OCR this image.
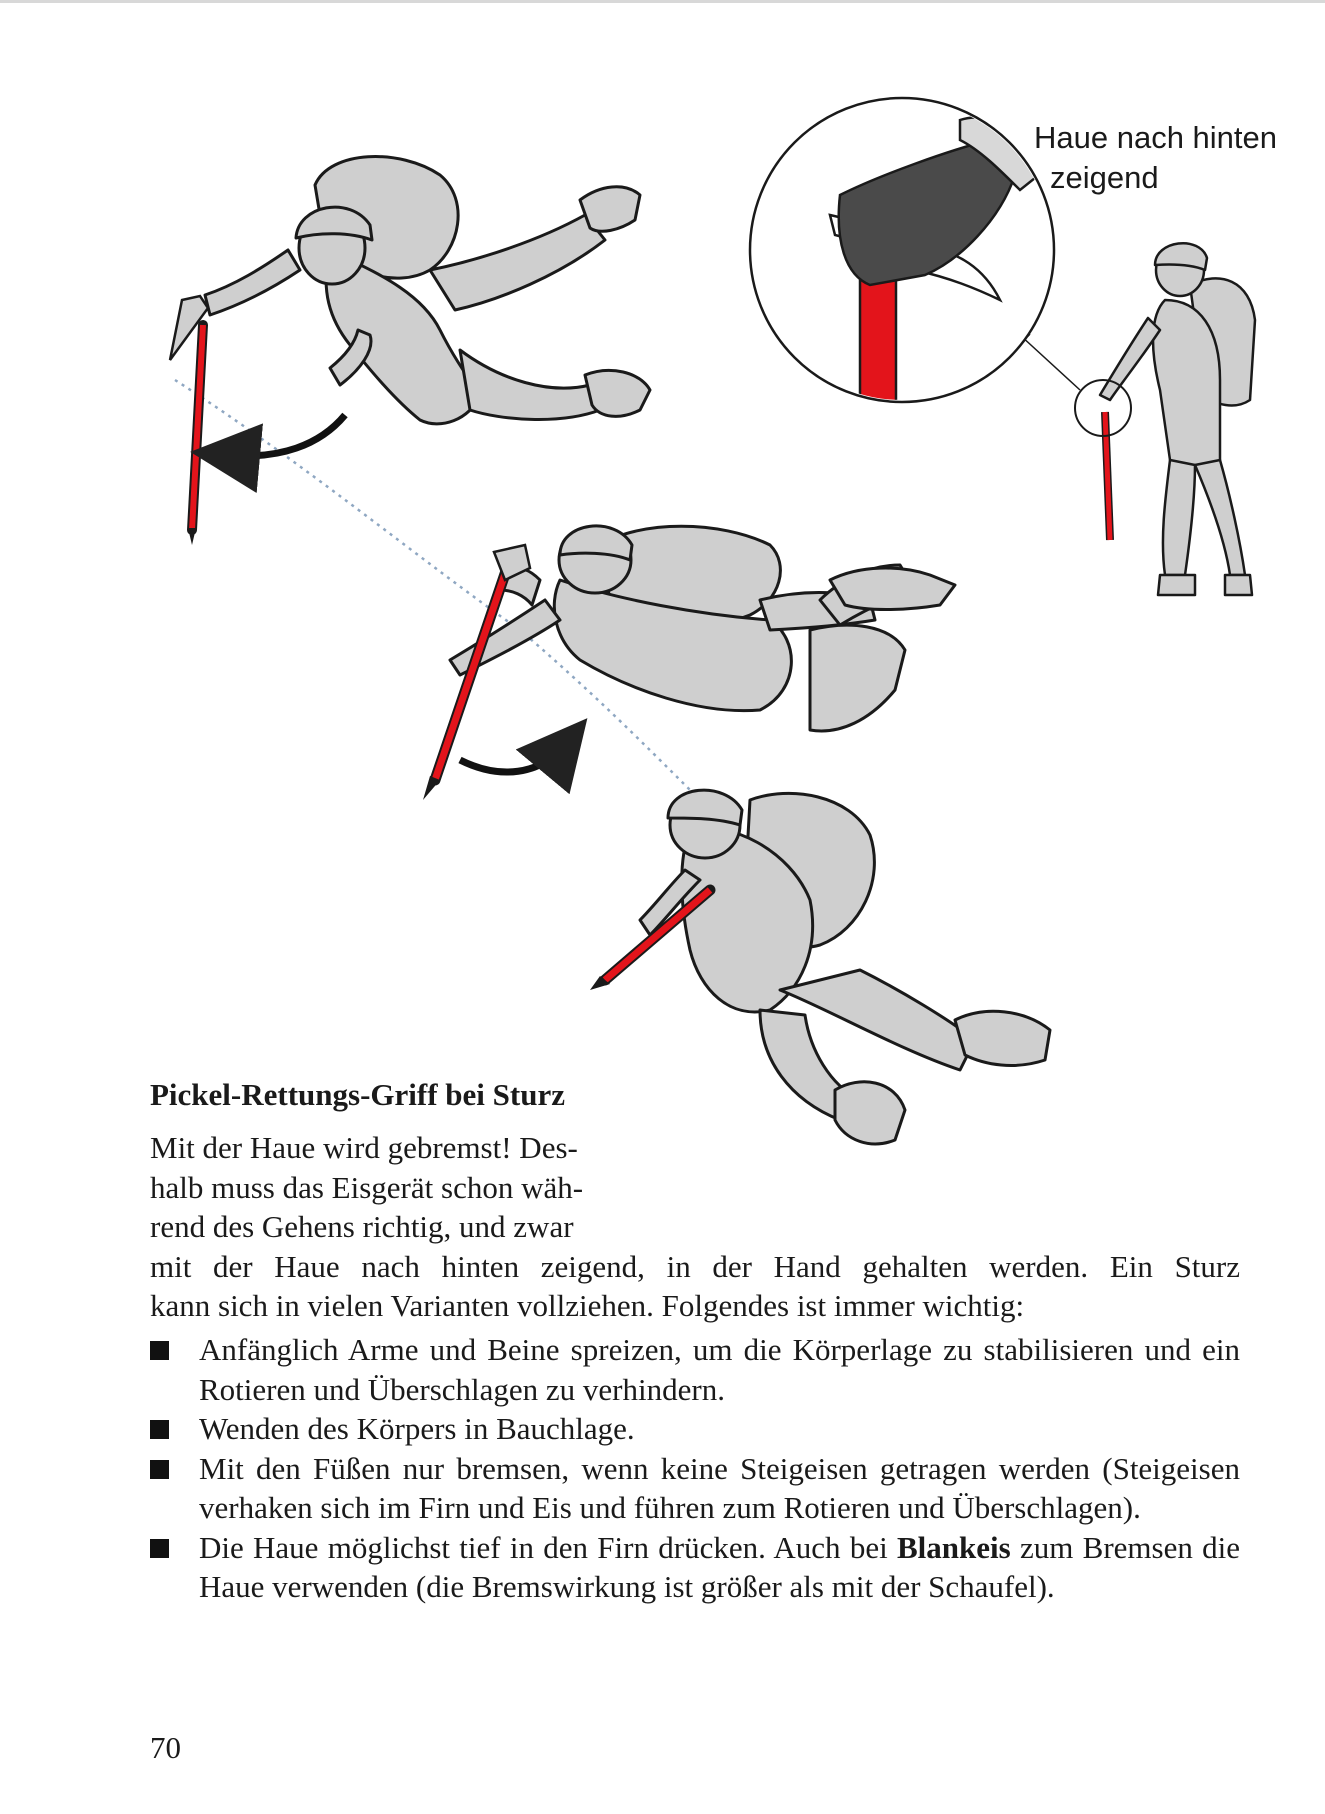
Haue nach hinten
zeigend
Pickel-Rettungs-Griff bei Sturz

Mit der Haue wird gebremst! Des-
halb muss das Eisgerät schon wäh-
rend des Gehens richtig, und zwar
mit der Haue nach hinten zeigend, in der Hand gehalten werden. Ein Sturz
kann sich in vielen Varianten vollziehen. Folgendes ist immer wichtig:

Anfänglich Arme und Beine spreizen, um die Körperlage zu stabilisieren und ein Rotieren und Überschlagen zu verhindern.
Wenden des Körpers in Bauchlage.
Mit den Füßen nur bremsen, wenn keine Steigeisen getragen werden (Steigeisen verhaken sich im Firn und Eis und führen zum Rotieren und Überschlagen).
Die Haue möglichst tief in den Firn drücken. Auch bei Blankeis zum Bremsen die Haue verwenden (die Bremswirkung ist größer als mit der Schaufel).
70
